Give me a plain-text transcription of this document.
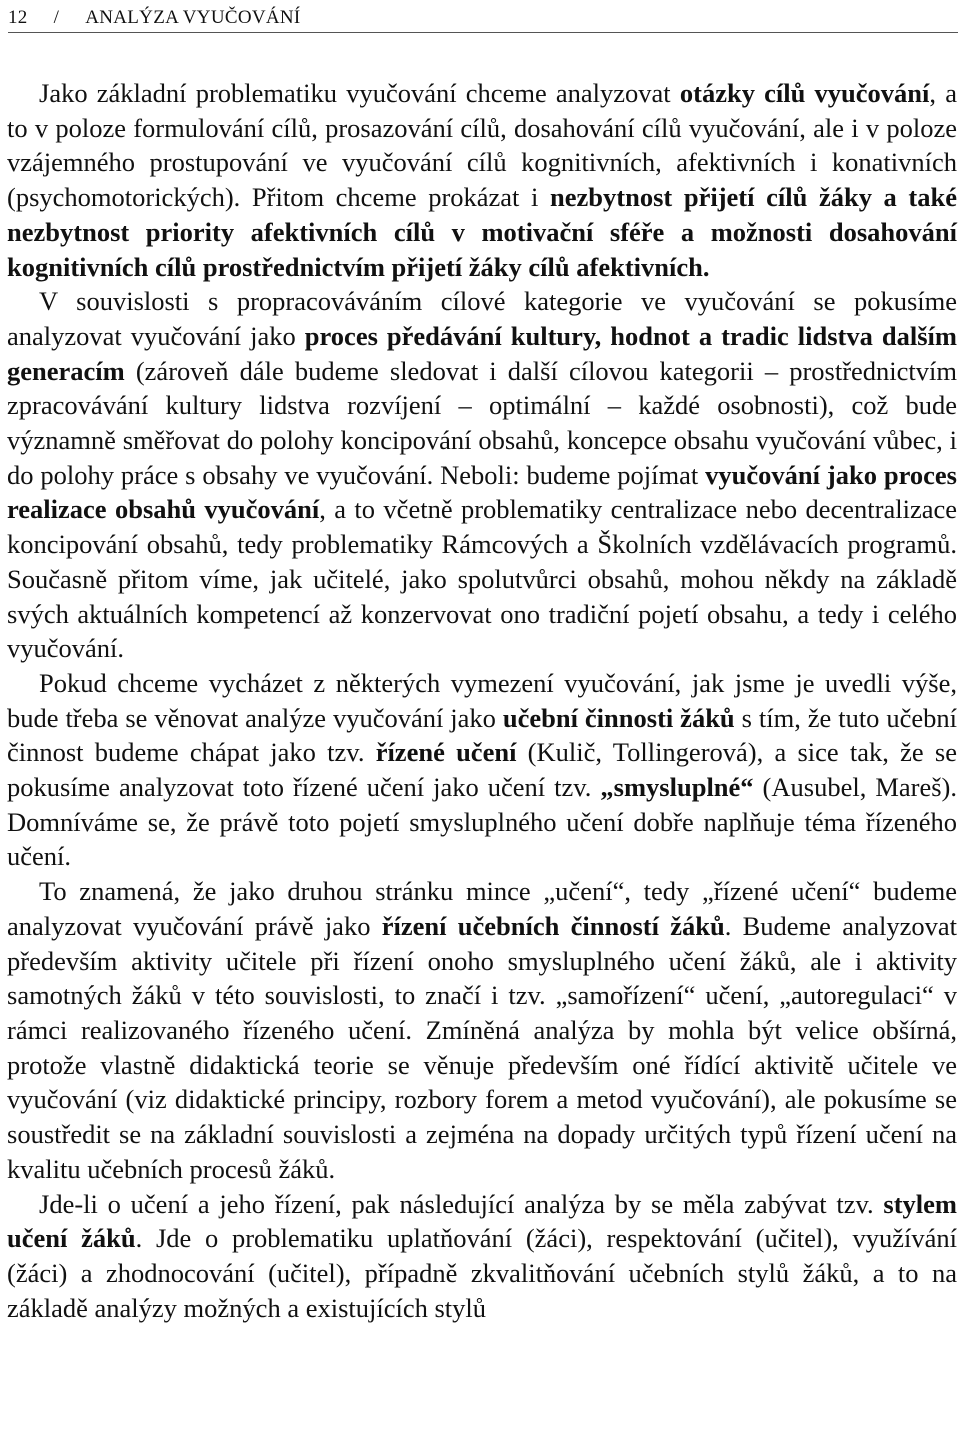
12 / ANALÝZA VYUČOVÁNÍ

Jako základní problematiku vyučování chceme analyzovat otázky cílů vyučování, a to v poloze formulování cílů, prosazování cílů, dosahování cílů vyučování, ale i v poloze vzájemného prostupování ve vyučování cílů kognitivních, afektivních i konativních (psychomotorických). Přitom chceme prokázat i nezbytnost přijetí cílů žáky a také nezbytnost priority afektivních cílů v motivační sféře a možnosti dosahování kognitivních cílů prostřednictvím přijetí žáky cílů afektivních.

V souvislosti s propracováváním cílové kategorie ve vyučování se pokusíme analyzovat vyučování jako proces předávání kultury, hodnot a tradic lidstva dalším generacím (zároveň dále budeme sledovat i další cílovou kategorii – prostřednictvím zpracovávání kultury lidstva rozvíjení – optimální – každé osobnosti), což bude významně směřovat do polohy koncipování obsahů, koncepce obsahu vyučování vůbec, i do polohy práce s obsahy ve vyučování. Neboli: budeme pojímat vyučování jako proces realizace obsahů vyučování, a to včetně problematiky centralizace nebo decentralizace koncipování obsahů, tedy problematiky Rámcových a Školních vzdělávacích programů. Současně přitom víme, jak učitelé, jako spolutvůrci obsahů, mohou někdy na základě svých aktuálních kompetencí až konzervovat ono tradiční pojetí obsahu, a tedy i celého vyučování.

Pokud chceme vycházet z některých vymezení vyučování, jak jsme je uvedli výše, bude třeba se věnovat analýze vyučování jako učební činnosti žáků s tím, že tuto učební činnost budeme chápat jako tzv. řízené učení (Kulič, Tollingerová), a sice tak, že se pokusíme analyzovat toto řízené učení jako učení tzv. „smysluplné“ (Ausubel, Mareš). Domníváme se, že právě toto pojetí smysluplného učení dobře naplňuje téma řízeného učení.

To znamená, že jako druhou stránku mince „učení“, tedy „řízené učení“ budeme analyzovat vyučování právě jako řízení učebních činností žáků. Budeme analyzovat především aktivity učitele při řízení onoho smysluplného učení žáků, ale i aktivity samotných žáků v této souvislosti, to značí i tzv. „samořízení“ učení, „autoregulaci“ v rámci realizovaného řízeného učení. Zmíněná analýza by mohla být velice obšírná, protože vlastně didaktická teorie se věnuje především oné řídící aktivitě učitele ve vyučování (viz didaktické principy, rozbory forem a metod vyučování), ale pokusíme se soustředit se na základní souvislosti a zejména na dopady určitých typů řízení učení na kvalitu učebních procesů žáků.

Jde-li o učení a jeho řízení, pak následující analýza by se měla zabývat tzv. stylem učení žáků. Jde o problematiku uplatňování (žáci), respektování (učitel), využívání (žáci) a zhodnocování (učitel), případně zkvalitňování učebních stylů žáků, a to na základě analýzy možných a existujících stylů
